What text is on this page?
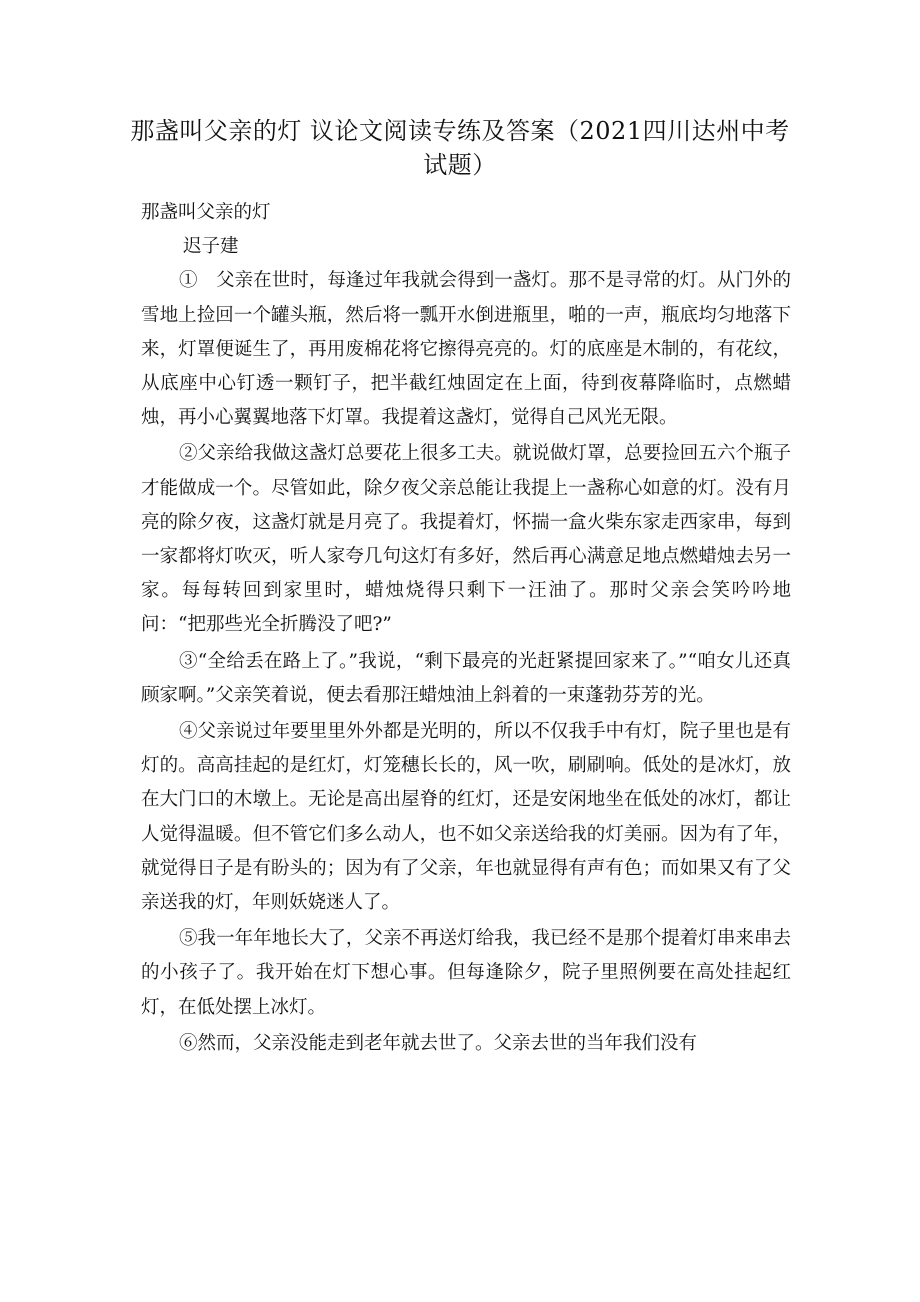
那盏叫父亲的灯 议论文阅读专练及答案（2021四川达州中考试题）

那盏叫父亲的灯

迟子建

①　父亲在世时，每逢过年我就会得到一盏灯。那不是寻常的灯。从门外的雪地上捡回一个罐头瓶，然后将一瓢开水倒进瓶里，啪的一声，瓶底均匀地落下来，灯罩便诞生了，再用废棉花将它擦得亮亮的。灯的底座是木制的，有花纹，从底座中心钉透一颗钉子，把半截红烛固定在上面，待到夜幕降临时，点燃蜡烛，再小心翼翼地落下灯罩。我提着这盏灯，觉得自己风光无限。

②父亲给我做这盏灯总要花上很多工夫。就说做灯罩，总要捡回五六个瓶子才能做成一个。尽管如此，除夕夜父亲总能让我提上一盏称心如意的灯。没有月亮的除夕夜，这盏灯就是月亮了。我提着灯，怀揣一盒火柴东家走西家串，每到一家都将灯吹灭，听人家夸几句这灯有多好，然后再心满意足地点燃蜡烛去另一家。每每转回到家里时，蜡烛烧得只剩下一汪油了。那时父亲会笑吟吟地问：“把那些光全折腾没了吧?”

③“全给丢在路上了。”我说，“剩下最亮的光赶紧提回家来了。”“咱女儿还真顾家啊。”父亲笑着说，便去看那汪蜡烛油上斜着的一束蓬勃芬芳的光。

④父亲说过年要里里外外都是光明的，所以不仅我手中有灯，院子里也是有灯的。高高挂起的是红灯，灯笼穗长长的，风一吹，刷刷响。低处的是冰灯，放在大门口的木墩上。无论是高出屋脊的红灯，还是安闲地坐在低处的冰灯，都让人觉得温暖。但不管它们多么动人，也不如父亲送给我的灯美丽。因为有了年，就觉得日子是有盼头的；因为有了父亲，年也就显得有声有色；而如果又有了父亲送我的灯，年则妖娆迷人了。

⑤我一年年地长大了，父亲不再送灯给我，我已经不是那个提着灯串来串去的小孩子了。我开始在灯下想心事。但每逢除夕，院子里照例要在高处挂起红灯，在低处摆上冰灯。

⑥然而，父亲没能走到老年就去世了。父亲去世的当年我们没有
